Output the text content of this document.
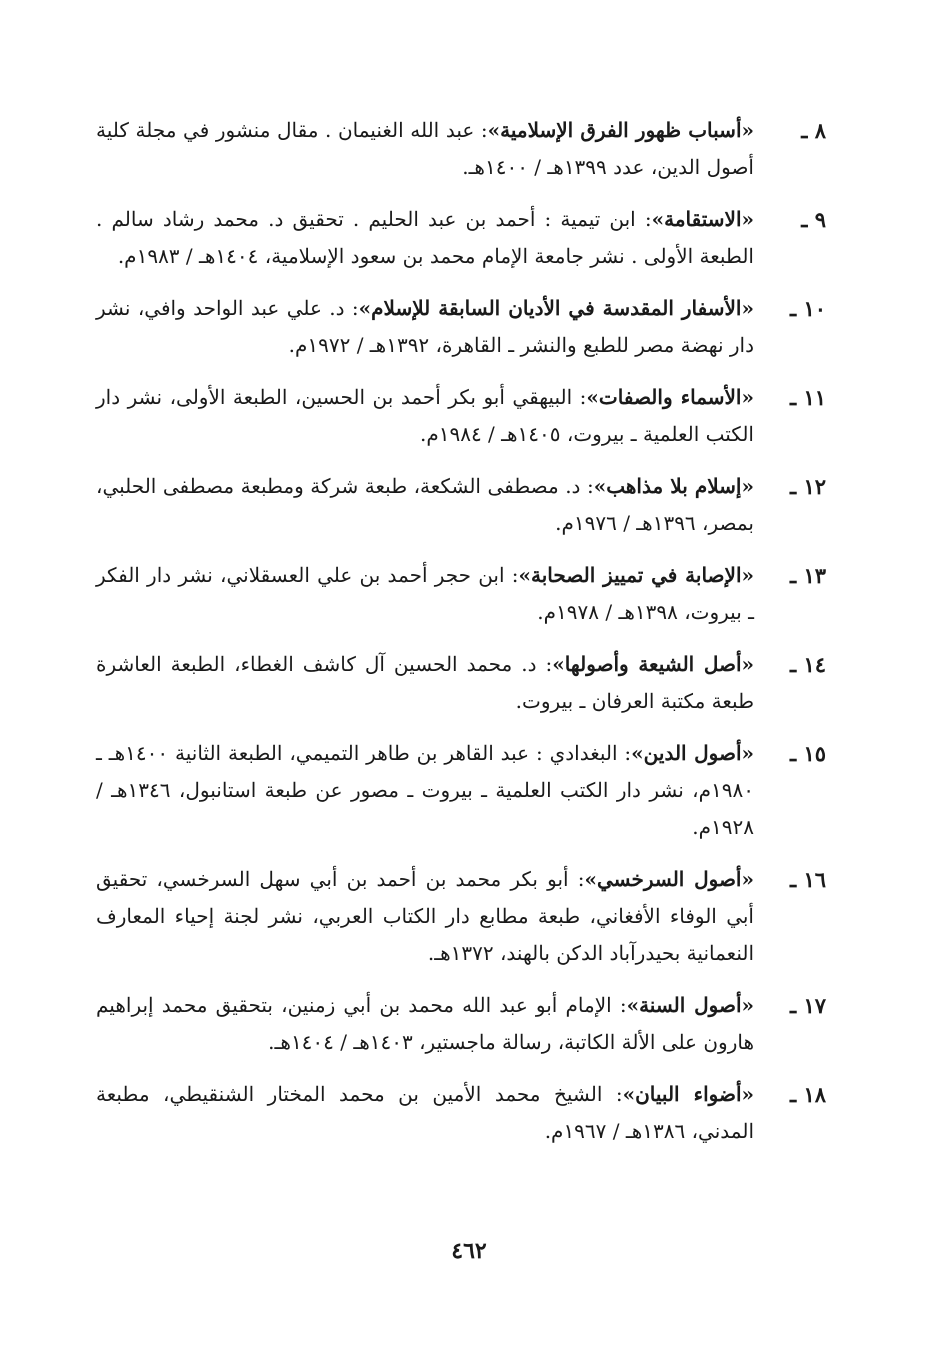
٨ ـ
«أسباب ظهور الفرق الإسلامية»: عبد الله الغنيمان . مقال منشور في مجلة كلية أصول الدين، عدد ١٣٩٩هـ / ١٤٠٠هـ.
٩ ـ
«الاستقامة»: ابن تيمية : أحمد بن عبد الحليم . تحقيق د. محمد رشاد سالم . الطبعة الأولى . نشر جامعة الإمام محمد بن سعود الإسلامية، ١٤٠٤هـ / ١٩٨٣م.
١٠ ـ
«الأسفار المقدسة في الأديان السابقة للإسلام»: د. علي عبد الواحد وافي، نشر دار نهضة مصر للطبع والنشر ـ القاهرة، ١٣٩٢هـ / ١٩٧٢م.
١١ ـ
«الأسماء والصفات»: البيهقي أبو بكر أحمد بن الحسين، الطبعة الأولى، نشر دار الكتب العلمية ـ بيروت، ١٤٠٥هـ / ١٩٨٤م.
١٢ ـ
«إسلام بلا مذاهب»: د. مصطفى الشكعة، طبعة شركة ومطبعة مصطفى الحلبي، بمصر، ١٣٩٦هـ / ١٩٧٦م.
١٣ ـ
«الإصابة في تمييز الصحابة»: ابن حجر أحمد بن علي العسقلاني، نشر دار الفكر ـ بيروت، ١٣٩٨هـ / ١٩٧٨م.
١٤ ـ
«أصل الشيعة وأصولها»: د. محمد الحسين آل كاشف الغطاء، الطبعة العاشرة طبعة مكتبة العرفان ـ بيروت.
١٥ ـ
«أصول الدين»: البغدادي : عبد القاهر بن طاهر التميمي، الطبعة الثانية ١٤٠٠هـ ـ ١٩٨٠م، نشر دار الكتب العلمية ـ بيروت ـ مصور عن طبعة استانبول، ١٣٤٦هـ / ١٩٢٨م.
١٦ ـ
«أصول السرخسي»: أبو بكر محمد بن أحمد بن أبي سهل السرخسي، تحقيق أبي الوفاء الأفغاني، طبعة مطابع دار الكتاب العربي، نشر لجنة إحياء المعارف النعمانية بحيدرآباد الدكن بالهند، ١٣٧٢هـ.
١٧ ـ
«أصول السنة»: الإمام أبو عبد الله محمد بن أبي زمنين، بتحقيق محمد إبراهيم هارون على الألة الكاتبة، رسالة ماجستير، ١٤٠٣هـ / ١٤٠٤هـ.
١٨ ـ
«أضواء البيان»: الشيخ محمد الأمين بن محمد المختار الشنقيطي، مطبعة المدني، ١٣٨٦هـ / ١٩٦٧م.
٤٦٢
